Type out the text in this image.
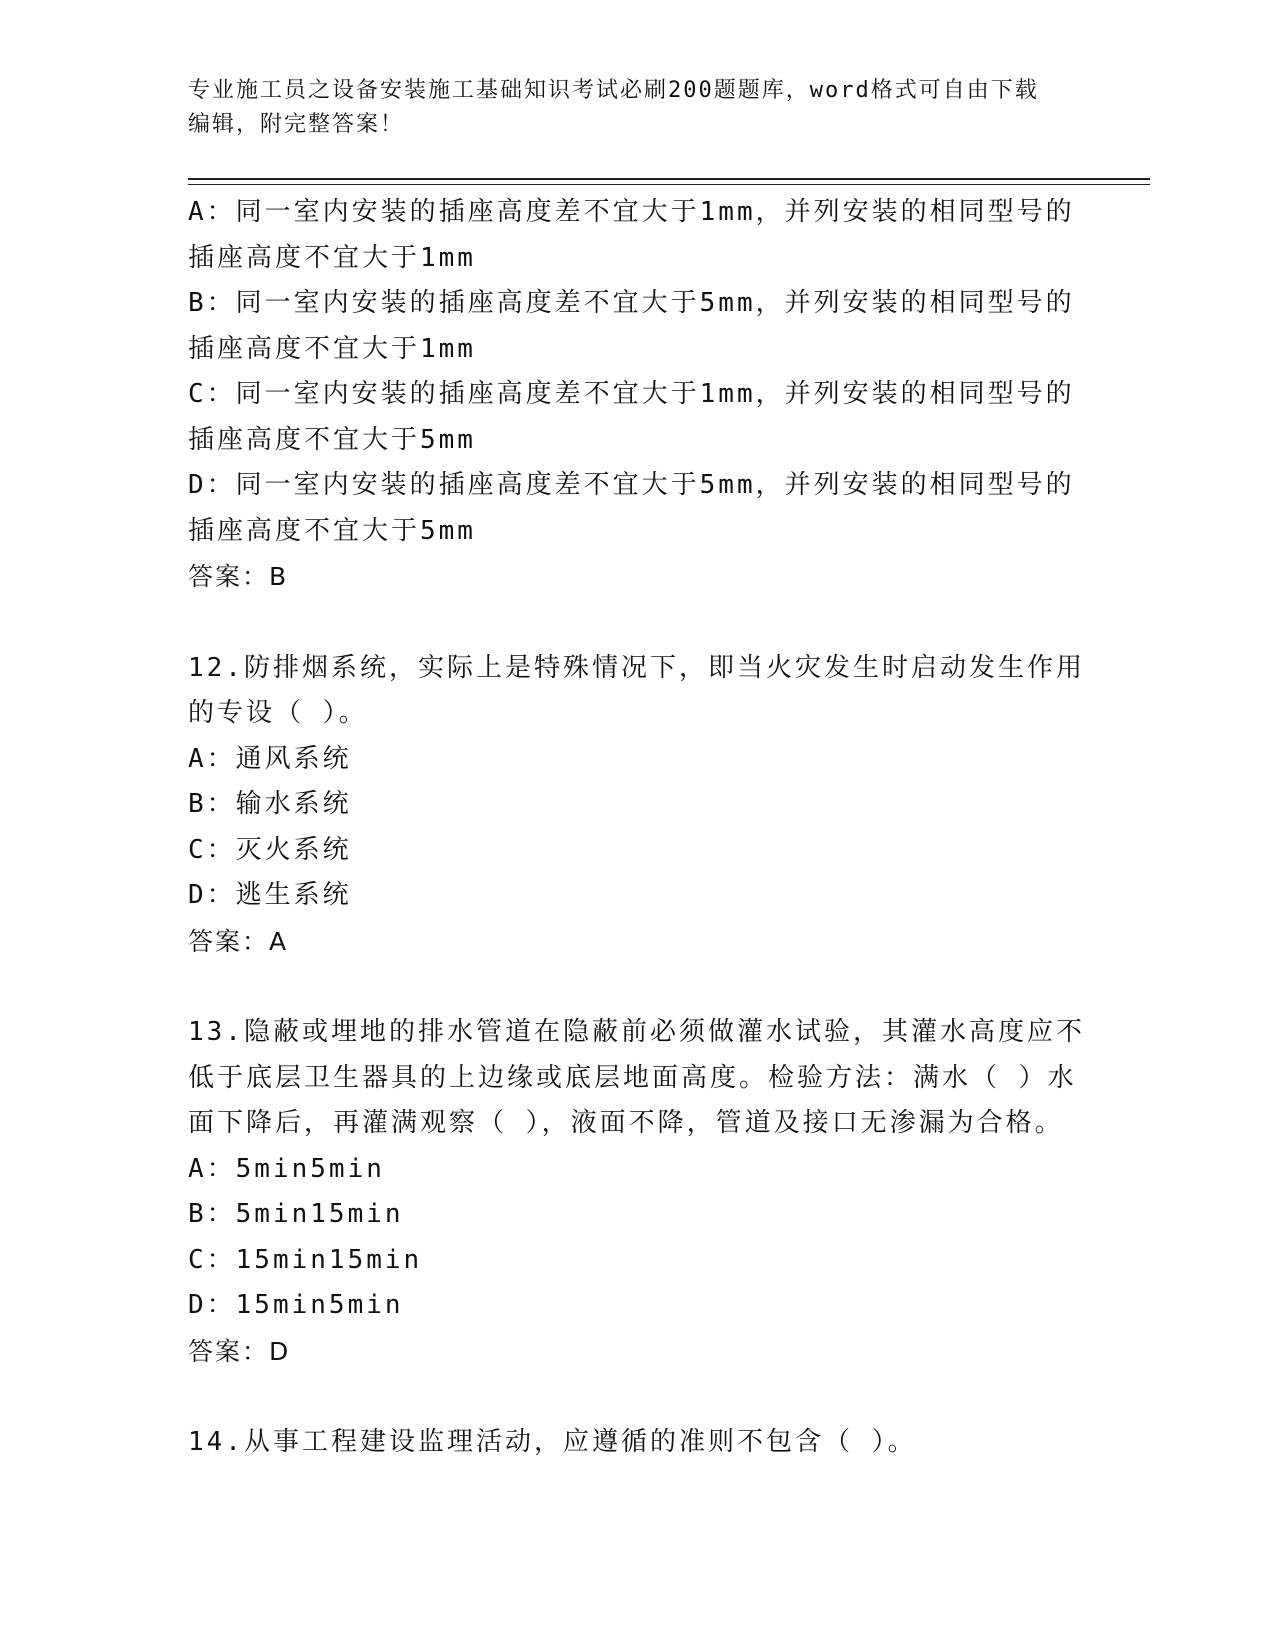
专业施工员之设备安装施工基础知识考试必刷200题题库，word格式可自由下载
编辑，附完整答案！
A：同一室内安装的插座高度差不宜大于1mm，并列安装的相同型号的
插座高度不宜大于1mm
B：同一室内安装的插座高度差不宜大于5mm，并列安装的相同型号的
插座高度不宜大于1mm
C：同一室内安装的插座高度差不宜大于1mm，并列安装的相同型号的
插座高度不宜大于5mm
D：同一室内安装的插座高度差不宜大于5mm，并列安装的相同型号的
插座高度不宜大于5mm
答案：B
12.防排烟系统，实际上是特殊情况下，即当火灾发生时启动发生作用
的专设（ ）。
A：通风系统
B：输水系统
C：灭火系统
D：逃生系统
答案：A
13.隐蔽或埋地的排水管道在隐蔽前必须做灌水试验，其灌水高度应不
低于底层卫生器具的上边缘或底层地面高度。检验方法：满水（ ）水
面下降后，再灌满观察（ ），液面不降，管道及接口无渗漏为合格。
A：5min5min
B：5min15min
C：15min15min
D：15min5min
答案：D
14.从事工程建设监理活动，应遵循的准则不包含（ ）。
